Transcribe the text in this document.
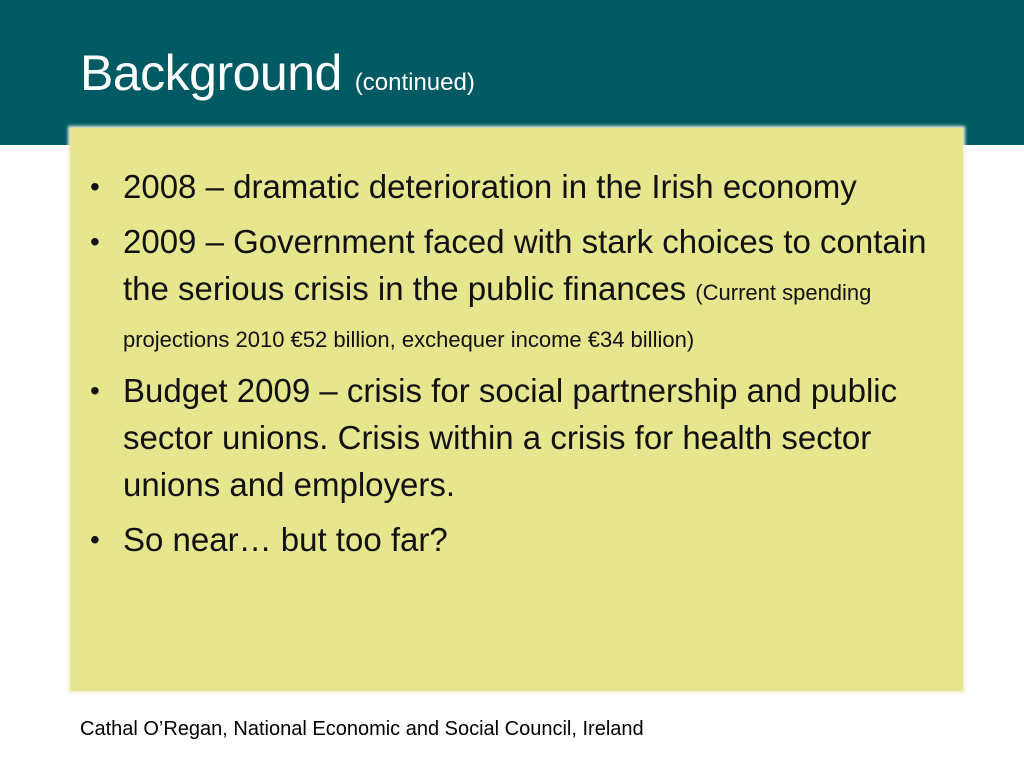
Background (continued)
• 2008 – dramatic deterioration in the Irish economy
• 2009 – Government faced with stark choices to contain the serious crisis in the public finances (Current spending projections 2010 €52 billion, exchequer income €34 billion)
• Budget 2009 – crisis for social partnership and public sector unions. Crisis within a crisis for health sector unions and employers.
• So near… but too far?
Cathal O’Regan, National Economic and Social Council, Ireland
